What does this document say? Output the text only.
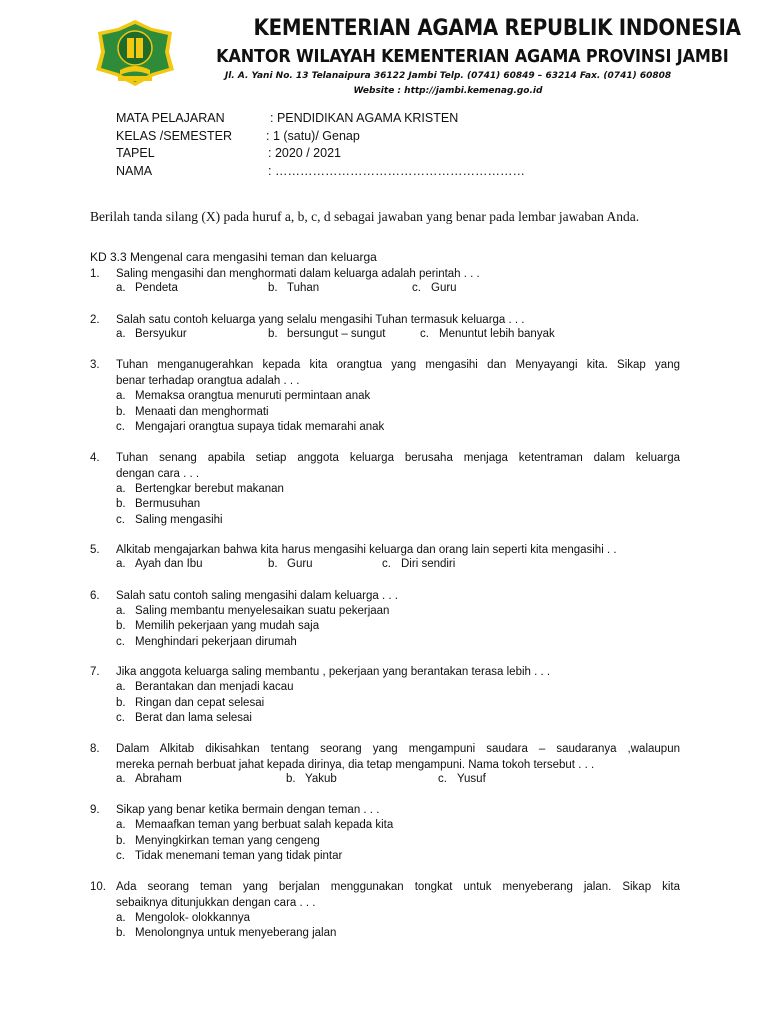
KEMENTERIAN AGAMA REPUBLIK INDONESIA
KANTOR WILAYAH KEMENTERIAN AGAMA PROVINSI JAMBI
Jl. A. Yani No. 13 Telanaipura 36122 Jambi Telp. (0741) 60849 – 63214 Fax. (0741) 60808
Website : http://jambi.kemenag.go.id
MATA PELAJARAN	: PENDIDIKAN AGAMA KRISTEN
KELAS /SEMESTER	: 1 (satu)/ Genap
TAPEL	: 2020 / 2021
NAMA	: ……………………………………………………
Berilah tanda silang (X) pada huruf a, b, c, d sebagai jawaban yang benar pada lembar jawaban Anda.
KD 3.3 Mengenal cara mengasihi teman dan keluarga
1.	Saling mengasihi dan menghormati dalam keluarga adalah perintah . . .
a. Pendeta	b. Tuhan	c. Guru
2.	Salah satu contoh keluarga yang selalu mengasihi Tuhan termasuk keluarga . . .
a. Bersyukur	b. bersungut – sungut	c. Menuntut lebih banyak
3.	Tuhan menganugerahkan kepada kita orangtua yang mengasihi dan Menyayangi kita. Sikap yang
benar terhadap orangtua adalah . . .
a. Memaksa orangtua menuruti permintaan anak
b. Menaati dan menghormati
c. Mengajari orangtua supaya tidak memarahi anak
4.	Tuhan senang apabila setiap anggota keluarga berusaha menjaga ketentraman dalam keluarga
dengan cara . . .
a. Bertengkar berebut makanan
b. Bermusuhan
c. Saling mengasihi
5.	Alkitab mengajarkan bahwa kita harus mengasihi keluarga dan orang lain seperti kita mengasihi . .
a. Ayah dan Ibu	b. Guru	c. Diri sendiri
6.	Salah satu contoh saling mengasihi dalam keluarga . . .
a. Saling membantu menyelesaikan suatu pekerjaan
b. Memilih pekerjaan yang mudah saja
c. Menghindari pekerjaan dirumah
7.	Jika anggota keluarga saling membantu , pekerjaan yang berantakan terasa lebih . . .
a. Berantakan dan menjadi kacau
b. Ringan dan cepat selesai
c. Berat dan lama selesai
8.	Dalam Alkitab dikisahkan tentang seorang yang mengampuni saudara – saudaranya ,walaupun
mereka pernah berbuat jahat kepada dirinya, dia tetap mengampuni. Nama tokoh tersebut . . .
a. Abraham	b. Yakub	c. Yusuf
9.	Sikap yang benar ketika bermain dengan teman . . .
a. Memaafkan teman yang berbuat salah kepada kita
b. Menyingkirkan teman yang cengeng
c. Tidak menemani teman yang tidak pintar
10. Ada seorang teman yang berjalan menggunakan tongkat untuk menyeberang jalan. Sikap kita
sebaiknya ditunjukkan dengan cara . . .
a. Mengolok- olokkannya
b. Menolongnya untuk menyeberang jalan
